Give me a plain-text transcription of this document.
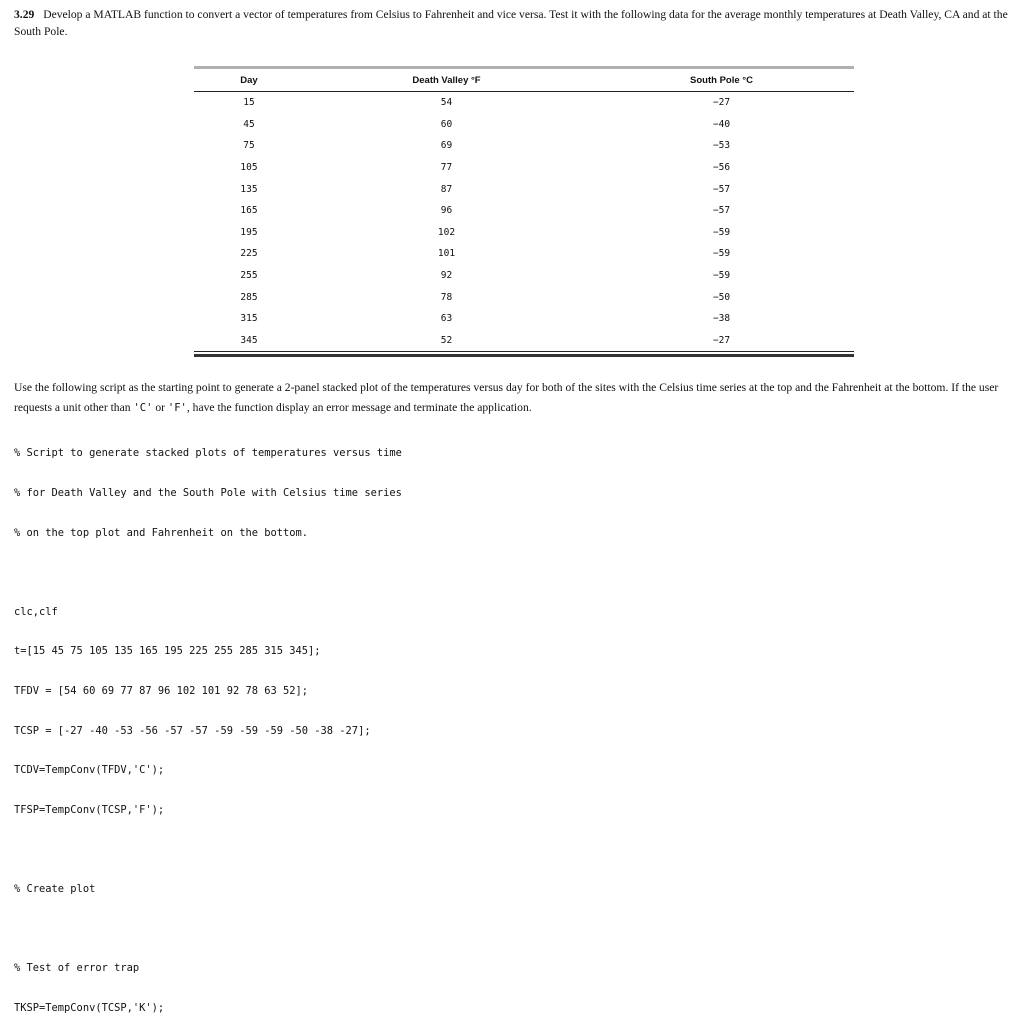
3.29 Develop a MATLAB function to convert a vector of temperatures from Celsius to Fahrenheit and vice versa. Test it with the following data for the average monthly temperatures at Death Valley, CA and at the South Pole.

Day	Death Valley °F	South Pole °C
15	54	−27
45	60	−40
75	69	−53
105	77	−56
135	87	−57
165	96	−57
195	102	−59
225	101	−59
255	92	−59
285	78	−50
315	63	−38
345	52	−27

Use the following script as the starting point to generate a 2-panel stacked plot of the temperatures versus day for both of the sites with the Celsius time series at the top and the Fahrenheit at the bottom. If the user requests a unit other than 'C' or 'F', have the function display an error message and terminate the application.

% Script to generate stacked plots of temperatures versus time

% for Death Valley and the South Pole with Celsius time series

% on the top plot and Fahrenheit on the bottom.

clc,clf

t=[15 45 75 105 135 165 195 225 255 285 315 345];

TFDV = [54 60 69 77 87 96 102 101 92 78 63 52];

TCSP = [-27 -40 -53 -56 -57 -57 -59 -59 -59 -50 -38 -27];

TCDV=TempConv(TFDV,'C');

TFSP=TempConv(TCSP,'F');

% Create plot

% Test of error trap

TKSP=TempConv(TCSP,'K');
